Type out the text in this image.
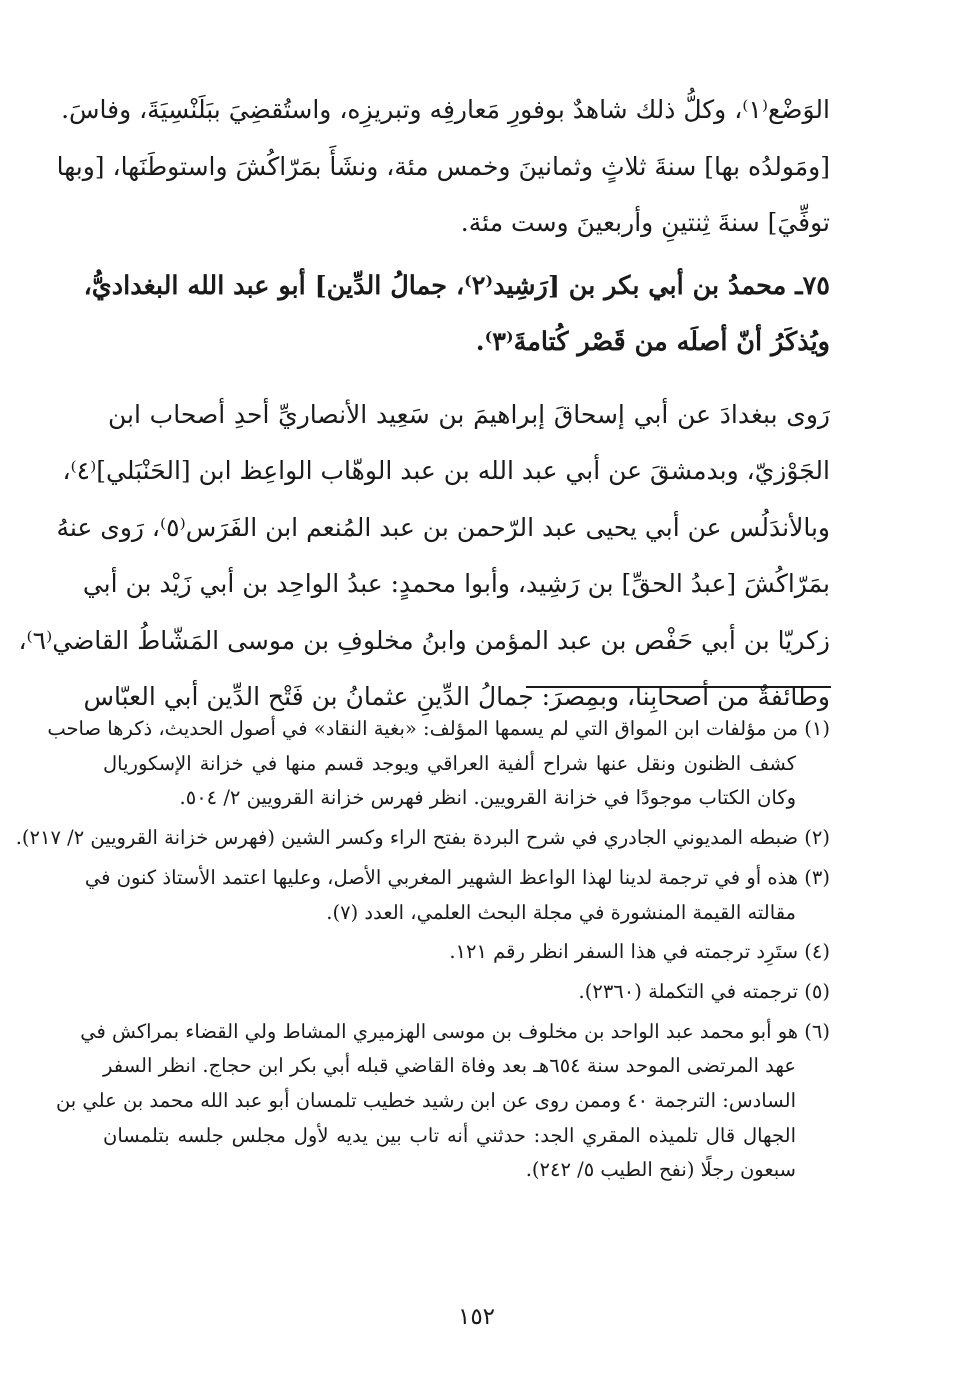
الوَضْع⁽١⁾، وكلُّ ذلك شاهدٌ بوفورِ مَعارفِه وتبريزِه، واستُقضِيَ ببَلَنْسِيَةَ، وفاسَ.
[ومَولدُه بها] سنةَ ثلاثٍ وثمانينَ وخمس مئة، ونشَأَ بمَرّاكُشَ واستوطَنَها، [وبها
توفِّيَ] سنةَ ثِنتينِ وأربعينَ وست مئة.
٧٥ـ محمدُ بن أبي بكر بن [رَشِيد⁽٢⁾، جمالُ الدِّين] أبو عبد الله البغداديُّ،
ويُذكَرُ أنّ أصلَه من قَصْر كُتامةَ⁽٣⁾.
رَوى ببغدادَ عن أبي إسحاقَ إبراهيمَ بن سَعِيد الأنصاريِّ أحدِ أصحاب ابن
الجَوْزيّ، وبدمشقَ عن أبي عبد الله بن عبد الوهّاب الواعِظ ابن [الحَنْبَلي]⁽٤⁾،
وبالأندَلُس عن أبي يحيى عبد الرّحمن بن عبد المُنعم ابن الفَرَس⁽٥⁾، رَوى عنهُ
بمَرّاكُشَ [عبدُ الحقِّ] بن رَشِيد، وأبوا محمدٍ: عبدُ الواحِد بن أبي زَيْد بن أبي
زكريّا بن أبي حَفْص بن عبد المؤمن وابنُ مخلوفِ بن موسى المَشّاطُ القاضي⁽٦⁾،
وطائفةٌ من أصحابِنا، وبمِصرَ: جمالُ الدِّينِ عثمانُ بن فَتْح الدِّين أبي العبّاس
(١) من مؤلفات ابن المواق التي لم يسمها المؤلف: «بغية النقاد» في أصول الحديث، ذكرها صاحب
كشف الظنون ونقل عنها شراح ألفية العراقي ويوجد قسم منها في خزانة الإسكوريال
وكان الكتاب موجودًا في خزانة القرويين. انظر فهرس خزانة القرويين ٢/ ٥٠٤.
(٢) ضبطه المديوني الجادري في شرح البردة بفتح الراء وكسر الشين (فهرس خزانة القرويين ٢/ ٢١٧).
(٣) هذه أو في ترجمة لدينا لهذا الواعظ الشهير المغربي الأصل، وعليها اعتمد الأستاذ كنون في
مقالته القيمة المنشورة في مجلة البحث العلمي، العدد (٧).
(٤) ستَرِد ترجمته في هذا السفر انظر رقم ١٢١.
(٥) ترجمته في التكملة (٢٣٦٠).
(٦) هو أبو محمد عبد الواحد بن مخلوف بن موسى الهزميري المشاط ولي القضاء بمراكش في
عهد المرتضى الموحد سنة ٦٥٤هـ بعد وفاة القاضي قبله أبي بكر ابن حجاج. انظر السفر
السادس: الترجمة ٤٠ وممن روى عن ابن رشيد خطيب تلمسان أبو عبد الله محمد بن علي بن
الجهال قال تلميذه المقري الجد: حدثني أنه تاب بين يديه لأول مجلس جلسه بتلمسان
سبعون رجلًا (نفح الطيب ٥/ ٢٤٢).
١٥٢
